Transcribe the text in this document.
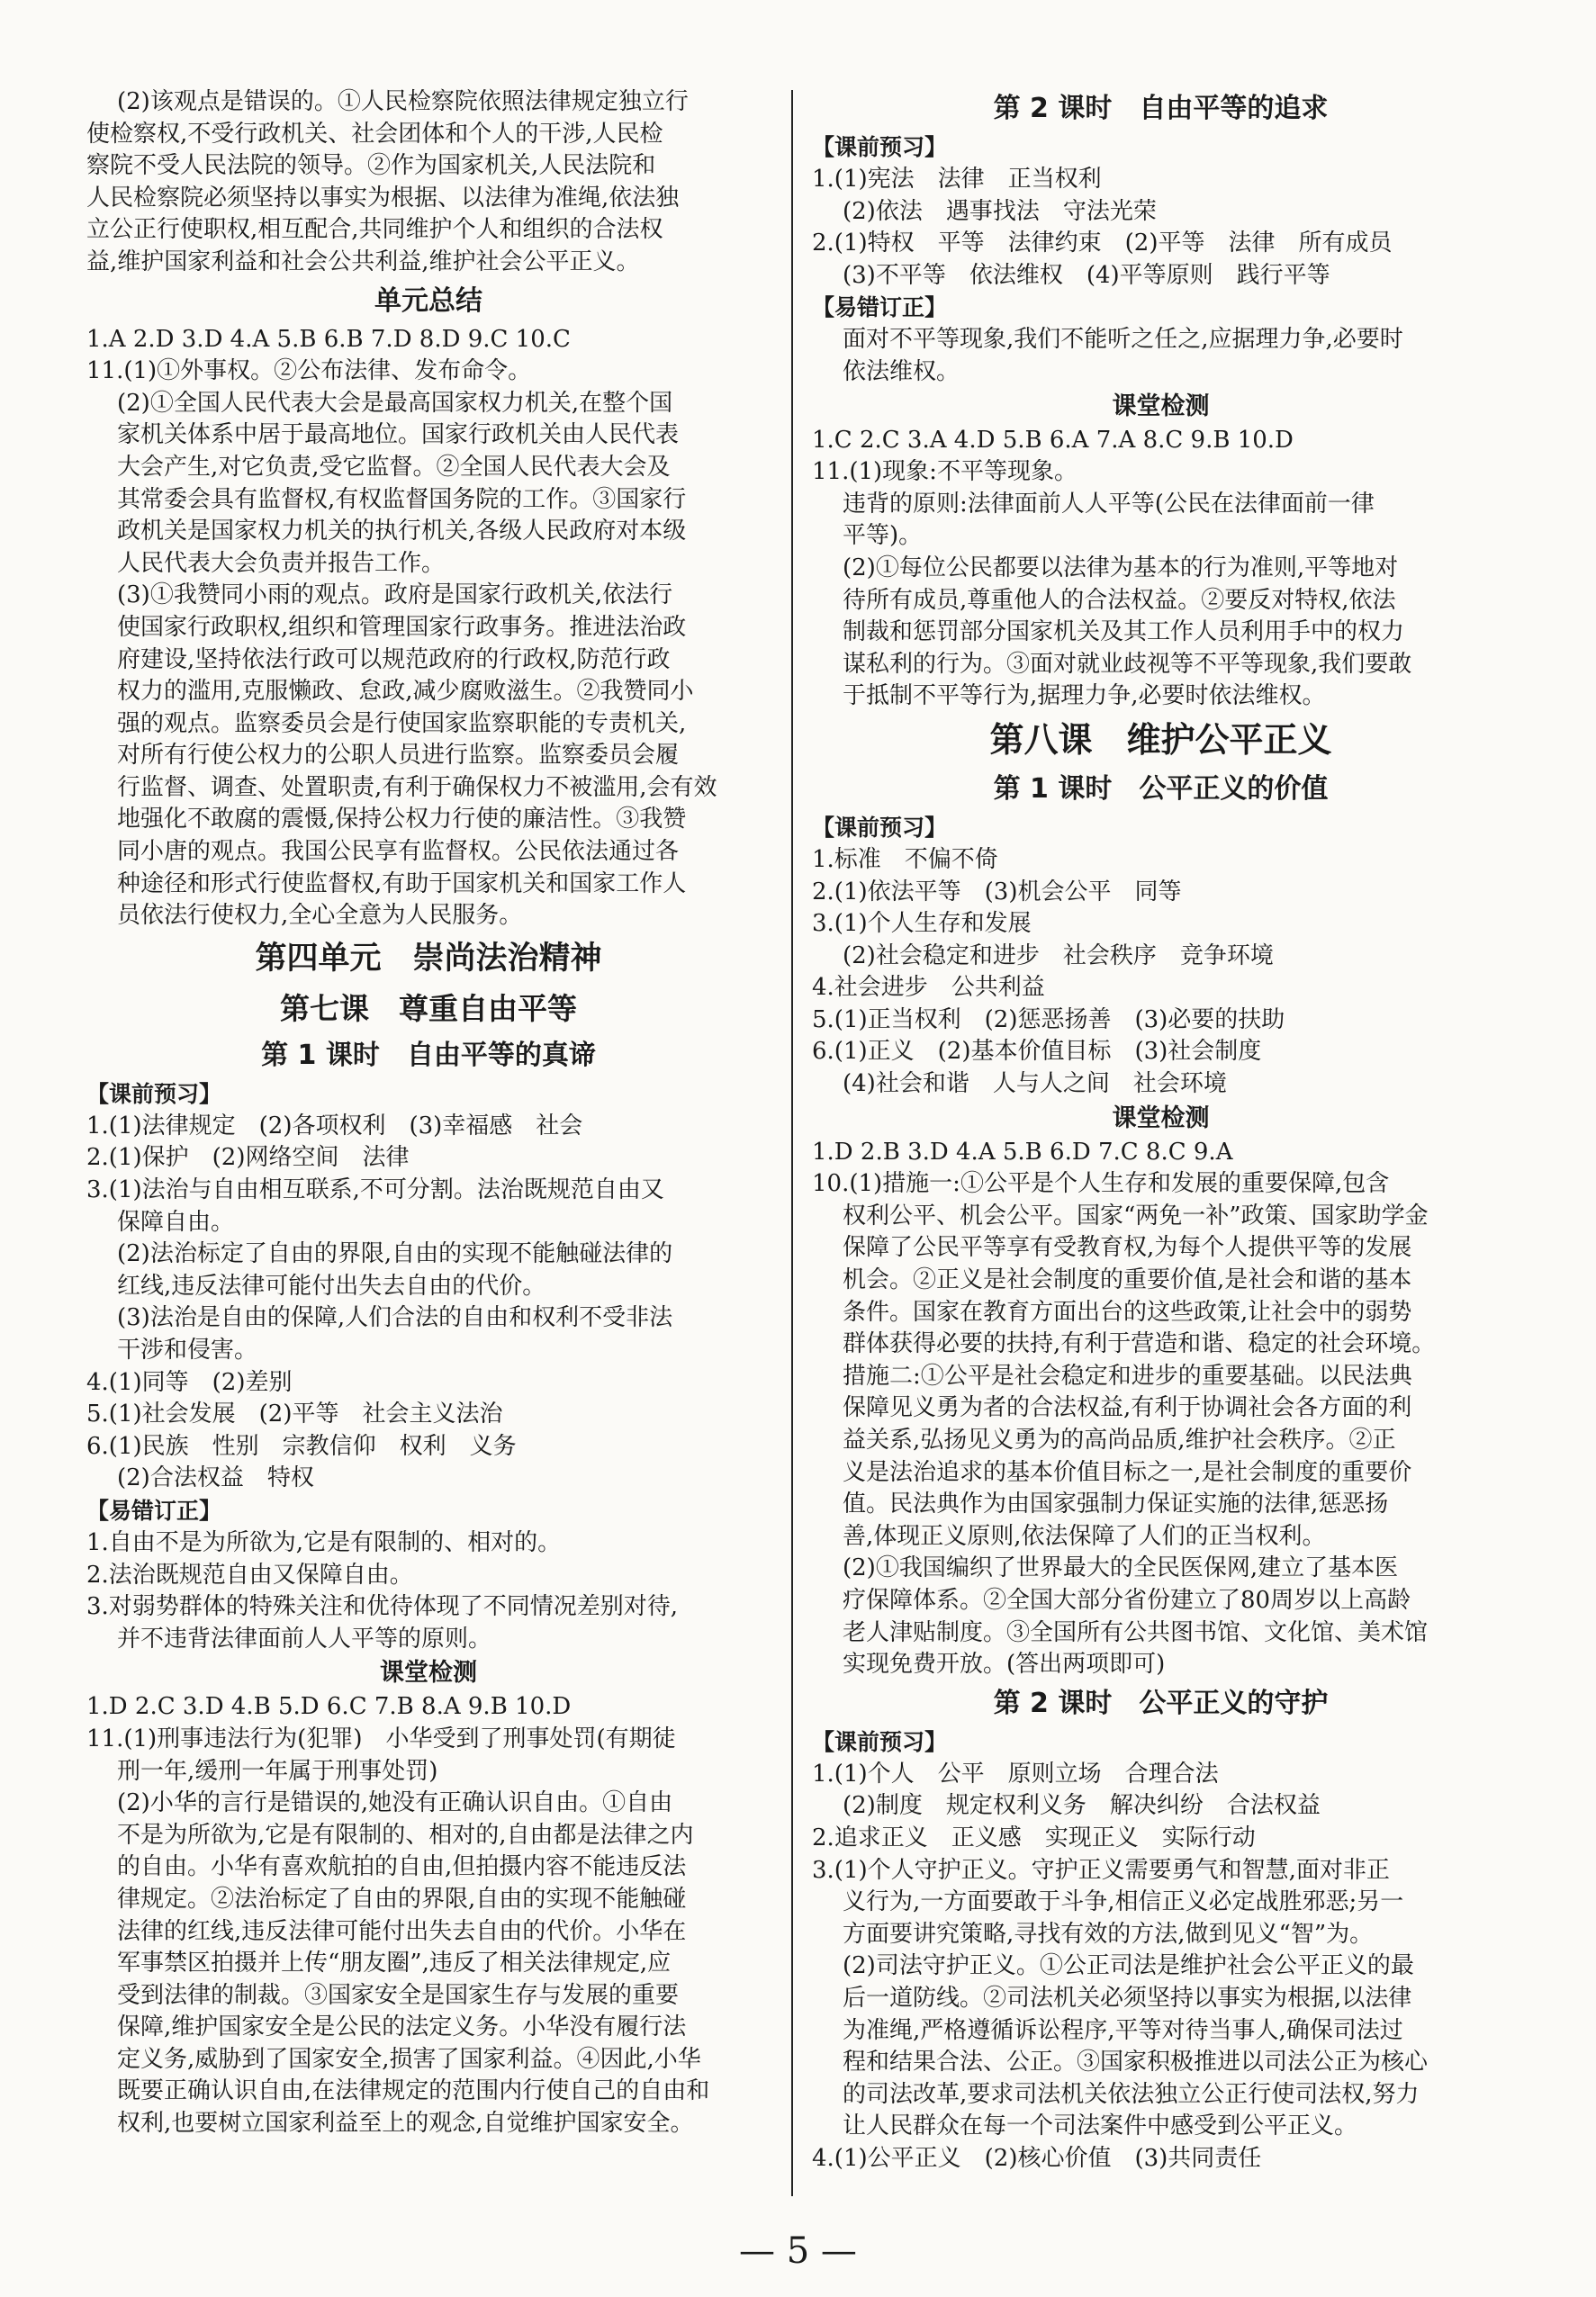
(2)该观点是错误的。①人民检察院依照法律规定独立行
使检察权,不受行政机关、社会团体和个人的干涉,人民检
察院不受人民法院的领导。②作为国家机关,人民法院和
人民检察院必须坚持以事实为根据、以法律为准绳,依法独
立公正行使职权,相互配合,共同维护个人和组织的合法权
益,维护国家利益和社会公共利益,维护社会公平正义。
单元总结
1.A 2.D 3.D 4.A 5.B 6.B 7.D 8.D 9.C 10.C
11.(1)①外事权。②公布法律、发布命令。
(2)①全国人民代表大会是最高国家权力机关,在整个国
家机关体系中居于最高地位。国家行政机关由人民代表
大会产生,对它负责,受它监督。②全国人民代表大会及
其常委会具有监督权,有权监督国务院的工作。③国家行
政机关是国家权力机关的执行机关,各级人民政府对本级
人民代表大会负责并报告工作。
(3)①我赞同小雨的观点。政府是国家行政机关,依法行
使国家行政职权,组织和管理国家行政事务。推进法治政
府建设,坚持依法行政可以规范政府的行政权,防范行政
权力的滥用,克服懒政、怠政,减少腐败滋生。②我赞同小
强的观点。监察委员会是行使国家监察职能的专责机关,
对所有行使公权力的公职人员进行监察。监察委员会履
行监督、调查、处置职责,有利于确保权力不被滥用,会有效
地强化不敢腐的震慑,保持公权力行使的廉洁性。③我赞
同小唐的观点。我国公民享有监督权。公民依法通过各
种途径和形式行使监督权,有助于国家机关和国家工作人
员依法行使权力,全心全意为人民服务。
第四单元　崇尚法治精神
第七课　尊重自由平等
第 1 课时　自由平等的真谛
【课前预习】
1.(1)法律规定　(2)各项权利　(3)幸福感　社会
2.(1)保护　(2)网络空间　法律
3.(1)法治与自由相互联系,不可分割。法治既规范自由又
保障自由。
(2)法治标定了自由的界限,自由的实现不能触碰法律的
红线,违反法律可能付出失去自由的代价。
(3)法治是自由的保障,人们合法的自由和权利不受非法
干涉和侵害。
4.(1)同等　(2)差别
5.(1)社会发展　(2)平等　社会主义法治
6.(1)民族　性别　宗教信仰　权利　义务
(2)合法权益　特权
【易错订正】
1.自由不是为所欲为,它是有限制的、相对的。
2.法治既规范自由又保障自由。
3.对弱势群体的特殊关注和优待体现了不同情况差别对待,
并不违背法律面前人人平等的原则。
课堂检测
1.D 2.C 3.D 4.B 5.D 6.C 7.B 8.A 9.B 10.D
11.(1)刑事违法行为(犯罪)　小华受到了刑事处罚(有期徒
刑一年,缓刑一年属于刑事处罚)
(2)小华的言行是错误的,她没有正确认识自由。①自由
不是为所欲为,它是有限制的、相对的,自由都是法律之内
的自由。小华有喜欢航拍的自由,但拍摄内容不能违反法
律规定。②法治标定了自由的界限,自由的实现不能触碰
法律的红线,违反法律可能付出失去自由的代价。小华在
军事禁区拍摄并上传“朋友圈”,违反了相关法律规定,应
受到法律的制裁。③国家安全是国家生存与发展的重要
保障,维护国家安全是公民的法定义务。小华没有履行法
定义务,威胁到了国家安全,损害了国家利益。④因此,小华
既要正确认识自由,在法律规定的范围内行使自己的自由和
权利,也要树立国家利益至上的观念,自觉维护国家安全。
第 2 课时　自由平等的追求
【课前预习】
1.(1)宪法　法律　正当权利
(2)依法　遇事找法　守法光荣
2.(1)特权　平等　法律约束　(2)平等　法律　所有成员
(3)不平等　依法维权　(4)平等原则　践行平等
【易错订正】
面对不平等现象,我们不能听之任之,应据理力争,必要时
依法维权。
课堂检测
1.C 2.C 3.A 4.D 5.B 6.A 7.A 8.C 9.B 10.D
11.(1)现象:不平等现象。
违背的原则:法律面前人人平等(公民在法律面前一律
平等)。
(2)①每位公民都要以法律为基本的行为准则,平等地对
待所有成员,尊重他人的合法权益。②要反对特权,依法
制裁和惩罚部分国家机关及其工作人员利用手中的权力
谋私利的行为。③面对就业歧视等不平等现象,我们要敢
于抵制不平等行为,据理力争,必要时依法维权。
第八课　维护公平正义
第 1 课时　公平正义的价值
【课前预习】
1.标准　不偏不倚
2.(1)依法平等　(3)机会公平　同等
3.(1)个人生存和发展
(2)社会稳定和进步　社会秩序　竞争环境
4.社会进步　公共利益
5.(1)正当权利　(2)惩恶扬善　(3)必要的扶助
6.(1)正义　(2)基本价值目标　(3)社会制度
(4)社会和谐　人与人之间　社会环境
课堂检测
1.D 2.B 3.D 4.A 5.B 6.D 7.C 8.C 9.A
10.(1)措施一:①公平是个人生存和发展的重要保障,包含
权利公平、机会公平。国家“两免一补”政策、国家助学金
保障了公民平等享有受教育权,为每个人提供平等的发展
机会。②正义是社会制度的重要价值,是社会和谐的基本
条件。国家在教育方面出台的这些政策,让社会中的弱势
群体获得必要的扶持,有利于营造和谐、稳定的社会环境。
措施二:①公平是社会稳定和进步的重要基础。以民法典
保障见义勇为者的合法权益,有利于协调社会各方面的利
益关系,弘扬见义勇为的高尚品质,维护社会秩序。②正
义是法治追求的基本价值目标之一,是社会制度的重要价
值。民法典作为由国家强制力保证实施的法律,惩恶扬
善,体现正义原则,依法保障了人们的正当权利。
(2)①我国编织了世界最大的全民医保网,建立了基本医
疗保障体系。②全国大部分省份建立了80周岁以上高龄
老人津贴制度。③全国所有公共图书馆、文化馆、美术馆
实现免费开放。(答出两项即可)
第 2 课时　公平正义的守护
【课前预习】
1.(1)个人　公平　原则立场　合理合法
(2)制度　规定权利义务　解决纠纷　合法权益
2.追求正义　正义感　实现正义　实际行动
3.(1)个人守护正义。守护正义需要勇气和智慧,面对非正
义行为,一方面要敢于斗争,相信正义必定战胜邪恶;另一
方面要讲究策略,寻找有效的方法,做到见义“智”为。
(2)司法守护正义。①公正司法是维护社会公平正义的最
后一道防线。②司法机关必须坚持以事实为根据,以法律
为准绳,严格遵循诉讼程序,平等对待当事人,确保司法过
程和结果合法、公正。③国家积极推进以司法公正为核心
的司法改革,要求司法机关依法独立公正行使司法权,努力
让人民群众在每一个司法案件中感受到公平正义。
4.(1)公平正义　(2)核心价值　(3)共同责任
— 5 —
